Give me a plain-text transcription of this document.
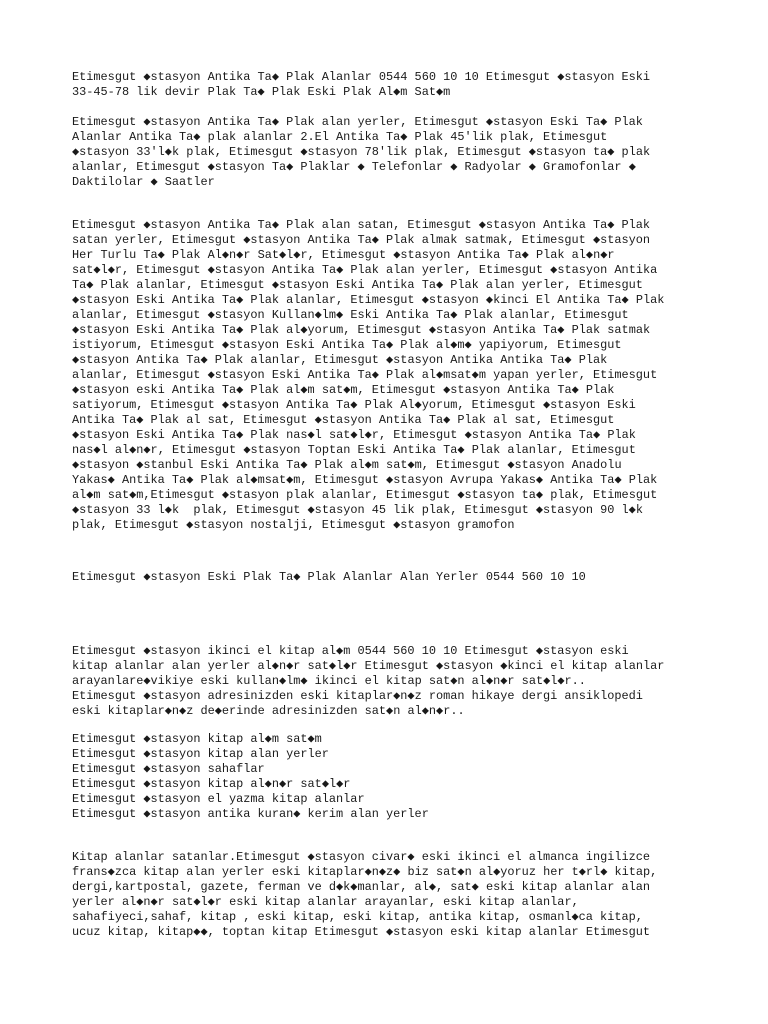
Etimesgut ◆stasyon Antika Ta◆ Plak Alanlar 0544 560 10 10 Etimesgut ◆stasyon Eski
33-45-78 lik devir Plak Ta◆ Plak Eski Plak Al◆m Sat◆m

Etimesgut ◆stasyon Antika Ta◆ Plak alan yerler, Etimesgut ◆stasyon Eski Ta◆ Plak
Alanlar Antika Ta◆ plak alanlar 2.El Antika Ta◆ Plak 45'lik plak, Etimesgut
◆stasyon 33'l◆k plak, Etimesgut ◆stasyon 78'lik plak, Etimesgut ◆stasyon ta◆ plak
alanlar, Etimesgut ◆stasyon Ta◆ Plaklar ◆ Telefonlar ◆ Radyolar ◆ Gramofonlar ◆
Daktilolar ◆ Saatler

Etimesgut ◆stasyon Antika Ta◆ Plak alan satan, Etimesgut ◆stasyon Antika Ta◆ Plak
satan yerler, Etimesgut ◆stasyon Antika Ta◆ Plak almak satmak, Etimesgut ◆stasyon
Her Turlu Ta◆ Plak Al◆n◆r Sat◆l◆r, Etimesgut ◆stasyon Antika Ta◆ Plak al◆n◆r
sat◆l◆r, Etimesgut ◆stasyon Antika Ta◆ Plak alan yerler, Etimesgut ◆stasyon Antika
Ta◆ Plak alanlar, Etimesgut ◆stasyon Eski Antika Ta◆ Plak alan yerler, Etimesgut
◆stasyon Eski Antika Ta◆ Plak alanlar, Etimesgut ◆stasyon ◆kinci El Antika Ta◆ Plak
alanlar, Etimesgut ◆stasyon Kullan◆lm◆ Eski Antika Ta◆ Plak alanlar, Etimesgut
◆stasyon Eski Antika Ta◆ Plak al◆yorum, Etimesgut ◆stasyon Antika Ta◆ Plak satmak
istiyorum, Etimesgut ◆stasyon Eski Antika Ta◆ Plak al◆m◆ yapiyorum, Etimesgut
◆stasyon Antika Ta◆ Plak alanlar, Etimesgut ◆stasyon Antika Antika Ta◆ Plak
alanlar, Etimesgut ◆stasyon Eski Antika Ta◆ Plak al◆msat◆m yapan yerler, Etimesgut
◆stasyon eski Antika Ta◆ Plak al◆m sat◆m, Etimesgut ◆stasyon Antika Ta◆ Plak
satiyorum, Etimesgut ◆stasyon Antika Ta◆ Plak Al◆yorum, Etimesgut ◆stasyon Eski
Antika Ta◆ Plak al sat, Etimesgut ◆stasyon Antika Ta◆ Plak al sat, Etimesgut
◆stasyon Eski Antika Ta◆ Plak nas◆l sat◆l◆r, Etimesgut ◆stasyon Antika Ta◆ Plak
nas◆l al◆n◆r, Etimesgut ◆stasyon Toptan Eski Antika Ta◆ Plak alanlar, Etimesgut
◆stasyon ◆stanbul Eski Antika Ta◆ Plak al◆m sat◆m, Etimesgut ◆stasyon Anadolu
Yakas◆ Antika Ta◆ Plak al◆msat◆m, Etimesgut ◆stasyon Avrupa Yakas◆ Antika Ta◆ Plak
al◆m sat◆m,Etimesgut ◆stasyon plak alanlar, Etimesgut ◆stasyon ta◆ plak, Etimesgut
◆stasyon 33 l◆k  plak, Etimesgut ◆stasyon 45 lik plak, Etimesgut ◆stasyon 90 l◆k
plak, Etimesgut ◆stasyon nostalji, Etimesgut ◆stasyon gramofon

Etimesgut ◆stasyon Eski Plak Ta◆ Plak Alanlar Alan Yerler 0544 560 10 10

Etimesgut ◆stasyon ikinci el kitap al◆m 0544 560 10 10 Etimesgut ◆stasyon eski
kitap alanlar alan yerler al◆n◆r sat◆l◆r Etimesgut ◆stasyon ◆kinci el kitap alanlar
arayanlare◆vikiye eski kullan◆lm◆ ikinci el kitap sat◆n al◆n◆r sat◆l◆r..
Etimesgut ◆stasyon adresinizden eski kitaplar◆n◆z roman hikaye dergi ansiklopedi
eski kitaplar◆n◆z de◆erinde adresinizden sat◆n al◆n◆r..

Etimesgut ◆stasyon kitap al◆m sat◆m
Etimesgut ◆stasyon kitap alan yerler
Etimesgut ◆stasyon sahaflar
Etimesgut ◆stasyon kitap al◆n◆r sat◆l◆r
Etimesgut ◆stasyon el yazma kitap alanlar
Etimesgut ◆stasyon antika kuran◆ kerim alan yerler

Kitap alanlar satanlar.Etimesgut ◆stasyon civar◆ eski ikinci el almanca ingilizce
frans◆zca kitap alan yerler eski kitaplar◆n◆z◆ biz sat◆n al◆yoruz her t◆rl◆ kitap,
dergi,kartpostal, gazete, ferman ve d◆k◆manlar, al◆, sat◆ eski kitap alanlar alan
yerler al◆n◆r sat◆l◆r eski kitap alanlar arayanlar, eski kitap alanlar,
sahafiyeci,sahaf, kitap , eski kitap, eski kitap, antika kitap, osmanl◆ca kitap,
ucuz kitap, kitap◆◆, toptan kitap Etimesgut ◆stasyon eski kitap alanlar Etimesgut
